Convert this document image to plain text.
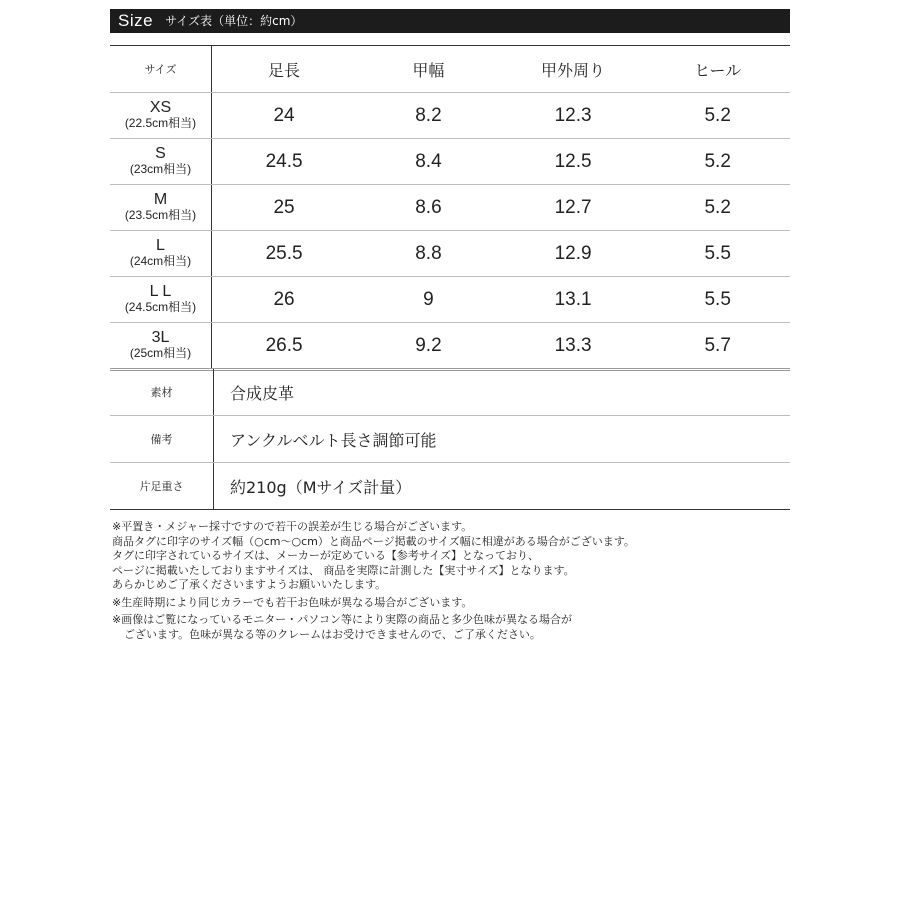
Size サイズ表（単位：約cm）
サイズ	足長	甲幅	甲外周り	ヒール

XS
(22.5cm相当)	24	8.2	12.3	5.2

S
(23cm相当)	24.5	8.4	12.5	5.2

M
(23.5cm相当)	25	8.6	12.7	5.2

L
(24cm相当)	25.5	8.8	12.9	5.5

L L
(24.5cm相当)	26	9	13.1	5.5

3L
(25cm相当)	26.5	9.2	13.3	5.7
素材	合成皮革
備考	アンクルベルト長さ調節可能
片足重さ	約210g（Mサイズ計量）

※平置き・メジャー採寸ですので若干の誤差が生じる場合がございます。

商品タグに印字のサイズ幅（○cm〜○cm）と商品ページ掲載のサイズ幅に相違がある場合がございます。

タグに印字されているサイズは、メーカーが定めている【参考サイズ】となっており、

ページに掲載いたしておりますサイズは、 商品を実際に計測した【実寸サイズ】となります。

あらかじめご了承くださいますようお願いいたします。

※生産時期により同じカラーでも若干お色味が異なる場合がございます。

※画像はご覧になっているモニター・パソコン等により実際の商品と多少色味が異なる場合が

ございます。色味が異なる等のクレームはお受けできませんので、ご了承ください。
